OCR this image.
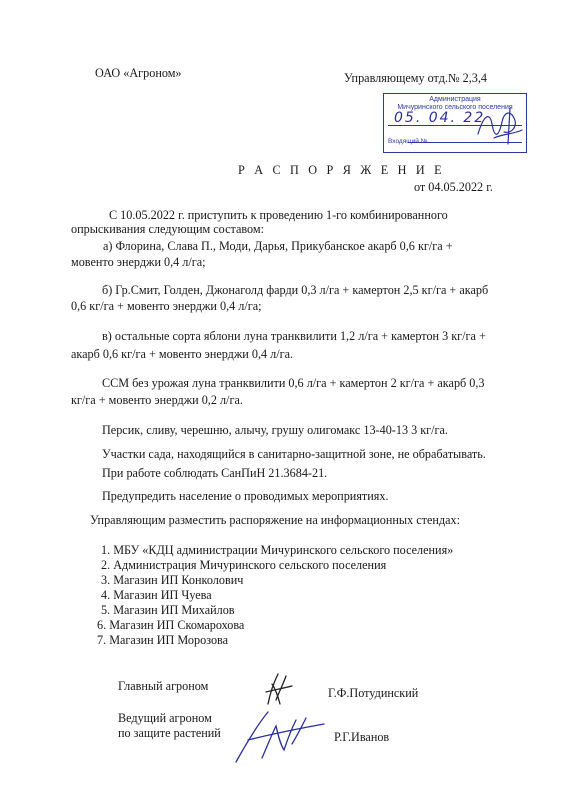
ОАО «Агроном»	Управляющему отд.№ 2,3,4
Администрация
Мичуринского сельского поселения
05. 04. 22
Входящий №
Р А С П О Р Я Ж Е Н И Е
от 04.05.2022 г.
С 10.05.2022 г. приступить к проведению 1-го комбинированного
опрыскивания следующим составом:
а) Флорина, Слава П., Моди, Дарья, Прикубанское акарб 0,6 кг/га +
мовенто энерджи 0,4 л/га;
б) Гр.Смит, Голден, Джонаголд фарди 0,3 л/га + камертон 2,5 кг/га + акарб
0,6 кг/га + мовенто энерджи 0,4 л/га;
в) остальные сорта яблони луна транквилити 1,2 л/га + камертон 3 кг/га +
акарб 0,6 кг/га + мовенто энерджи 0,4 л/га.
ССМ без урожая луна транквилити 0,6 л/га + камертон 2 кг/га + акарб 0,3
кг/га + мовенто энерджи 0,2 л/га.
Персик, сливу, черешню, алычу, грушу олигомакс 13-40-13 3 кг/га.
Участки сада, находящийся в санитарно-защитной зоне, не обрабатывать.
При работе соблюдать СанПиН 21.3684-21.
Предупредить население о проводимых мероприятиях.
Управляющим разместить распоряжение на информационных стендах:
1. МБУ «КДЦ администрации Мичуринского сельского поселения»
2. Администрация Мичуринского сельского поселения
3. Магазин ИП Конколович
4. Магазин ИП Чуева
5. Магазин ИП Михайлов
6. Магазин ИП Скомарохова
7. Магазин ИП Морозова
Главный агроном	Г.Ф.Потудинский
Ведущий агроном
по защите растений	Р.Г.Иванов
